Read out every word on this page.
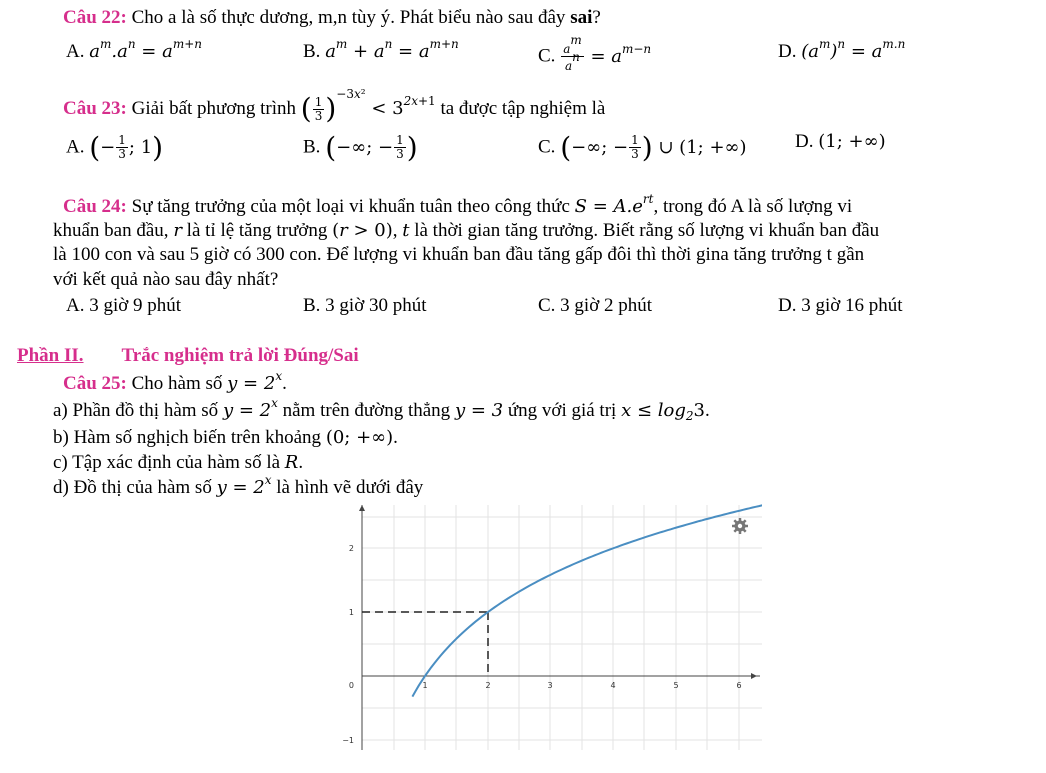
Câu 22: Cho a là số thực dương, m,n tùy ý. Phát biểu nào sau đây sai?
A. $a^m.a^n = a^{m+n}$	B. $a^m + a^n = a^{m+n}$
C. $\frac{a^m}{a^n} = a^{m-n}$	D. $(a^m)^n = a^{m.n}$
Câu 23: Giải bất phương trình ( $\frac{1}{3} )^{-3x^2} < 3^{2x+1}$ ta được tập nghiệm là
A. (− $\frac{1}{3}$ ; 1)	B. (−∞; − $\frac{1}{3}$ )	C. (−∞; − $\frac{1}{3}$ ) ∪ (1; +∞)	D. (1; +∞)
Câu 24: Sự tăng trưởng của một loại vi khuẩn tuân theo công thức $S = A.e^{rt}$, trong đó A là số lượng vi
khuẩn ban đầu, r là tỉ lệ tăng trưởng (r > 0), t là thời gian tăng trưởng. Biết rằng số lượng vi khuẩn ban đầu
là 100 con và sau 5 giờ có 300 con. Để lượng vi khuẩn ban đầu tăng gấp đôi thì thời gina tăng trưởng t gần
với kết quả nào sau đây nhất?
A. 3 giờ 9 phút	B. 3 giờ 30 phút	C. 3 giờ 2 phút	D. 3 giờ 16 phút
Phần II. Trắc nghiệm trả lời Đúng/Sai
Câu 25: Cho hàm số $y = 2^x$.
a) Phần đồ thị hàm số $y = 2^x$ nằm trên đường thẳng y = 3 ứng với giá trị $x \le \log_23$.
b) Hàm số nghịch biến trên khoảng (0; +∞).
c) Tập xác định của hàm số là R.
d) Đồ thị của hàm số $y = 2^x$ là hình vẽ dưới đây
1	2	3	4	5	6
2
1
0
−1
